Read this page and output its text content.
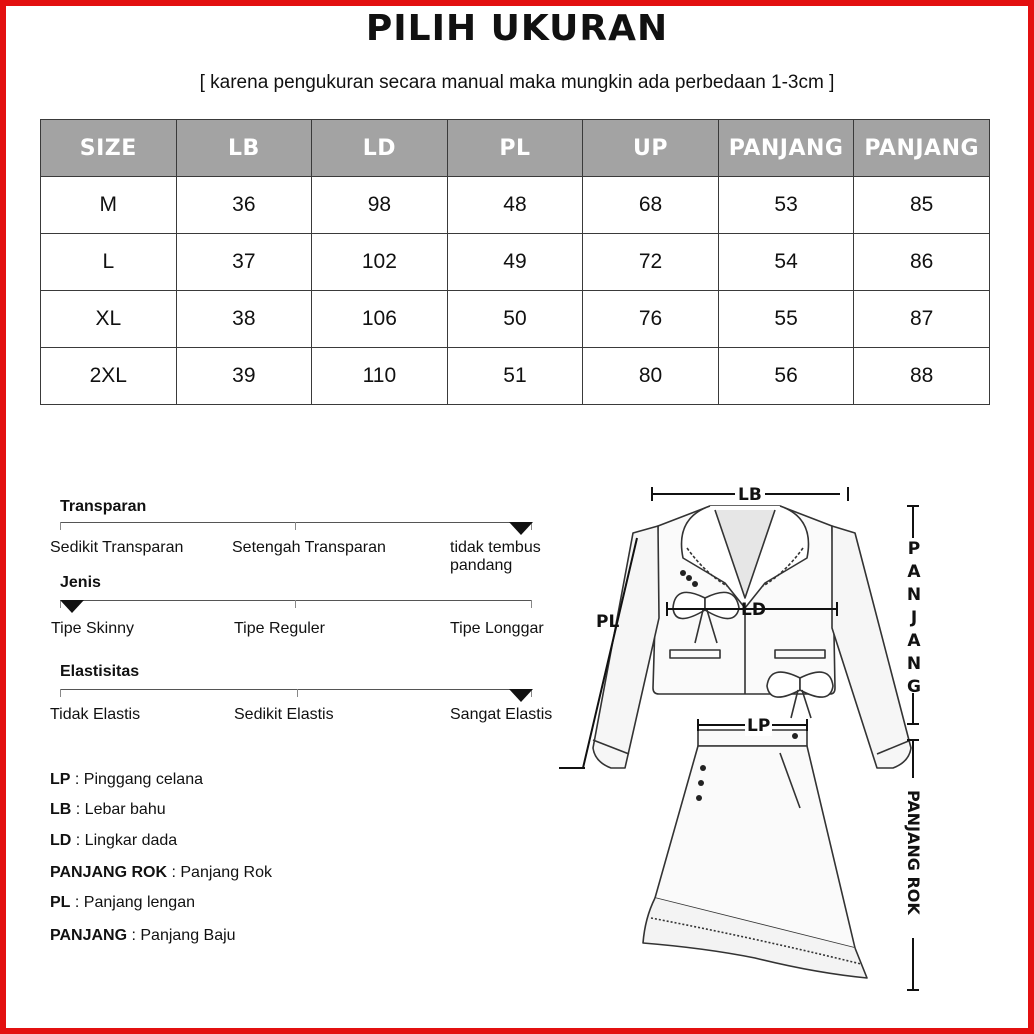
PILIH UKURAN
[ karena pengukuran secara manual maka mungkin ada perbedaan 1-3cm ]
SIZE	LB	LD	PL	UP	PANJANG	PANJANG
M	36	98	48	68	53	85
L	37	102	49	72	54	86
XL	38	106	50	76	55	87
2XL	39	110	51	80	56	88
Transparan
Sedikit Transparan	Setengah Transparan	tidak tembus pandang
Jenis
Tipe Skinny	Tipe Reguler	Tipe Longgar
Elastisitas
Tidak Elastis	Sedikit Elastis	Sangat Elastis
LP : Pinggang celana
LB : Lebar bahu
LD : Lingkar dada
PANJANG ROK : Panjang Rok
PL : Panjang lengan
PANJANG : Panjang Baju
LB
LD
PL
LP
P
A
N
J
A
N
G
PANJANG ROK
